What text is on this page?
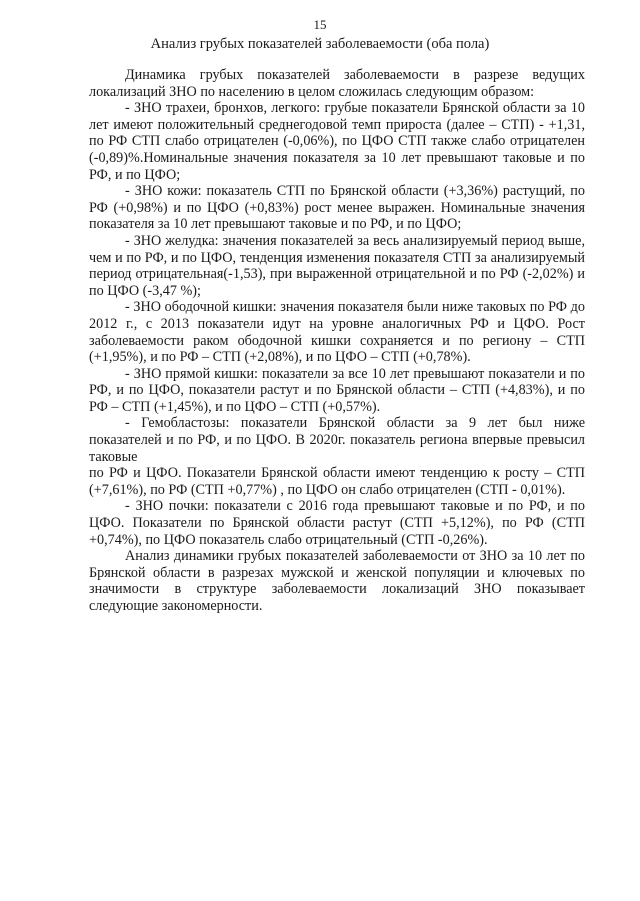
15
Анализ грубых показателей заболеваемости (оба пола)

Динамика грубых показателей заболеваемости в разрезе ведущих локализаций ЗНО по населению в целом сложилась следующим образом:

- ЗНО трахеи, бронхов, легкого: грубые показатели Брянской области за 10 лет имеют положительный среднегодовой темп прироста (далее – СТП) - +1,31, по РФ СТП слабо отрицателен (-0,06%), по ЦФО СТП также слабо отрицателен (-0,89)%.Номинальные значения показателя за 10 лет превышают таковые и по РФ, и по ЦФО;

- ЗНО кожи: показатель СТП по Брянской области (+3,36%) растущий, по РФ (+0,98%) и по ЦФО (+0,83%) рост менее выражен. Номинальные значения показателя за 10 лет превышают таковые и по РФ, и по ЦФО;

- ЗНО желудка: значения показателей за весь анализируемый период выше, чем и по РФ, и по ЦФО, тенденция изменения показателя СТП за анализируемый период отрицательная(-1,53), при выраженной отрицательной и по РФ (-2,02%) и по ЦФО (-3,47 %);

- ЗНО ободочной кишки: значения показателя были ниже таковых по РФ до 2012 г., с 2013 показатели идут на уровне аналогичных РФ и ЦФО. Рост заболеваемости раком ободочной кишки сохраняется и по региону – СТП (+1,95%), и по РФ – СТП (+2,08%), и по ЦФО – СТП (+0,78%).

- ЗНО прямой кишки: показатели за все 10 лет превышают показатели и по РФ, и по ЦФО, показатели растут и по Брянской области – СТП (+4,83%), и по РФ – СТП (+1,45%), и по ЦФО – СТП (+0,57%).

- Гемобластозы: показатели Брянской области за 9 лет был ниже показателей и по РФ, и по ЦФО. В 2020г. показатель региона впервые превысил таковые

по РФ и ЦФО. Показатели Брянской области имеют тенденцию к росту – СТП (+7,61%), по РФ (СТП +0,77%) , по ЦФО он слабо отрицателен (СТП - 0,01%).

- ЗНО почки: показатели с 2016 года превышают таковые и по РФ, и по ЦФО. Показатели по Брянской области растут (СТП +5,12%), по РФ (СТП +0,74%), по ЦФО показатель слабо отрицательный (СТП -0,26%).

Анализ динамики грубых показателей заболеваемости от ЗНО за 10 лет по Брянской области в разрезах мужской и женской популяции и ключевых по значимости в структуре заболеваемости локализаций ЗНО показывает следующие закономерности.
